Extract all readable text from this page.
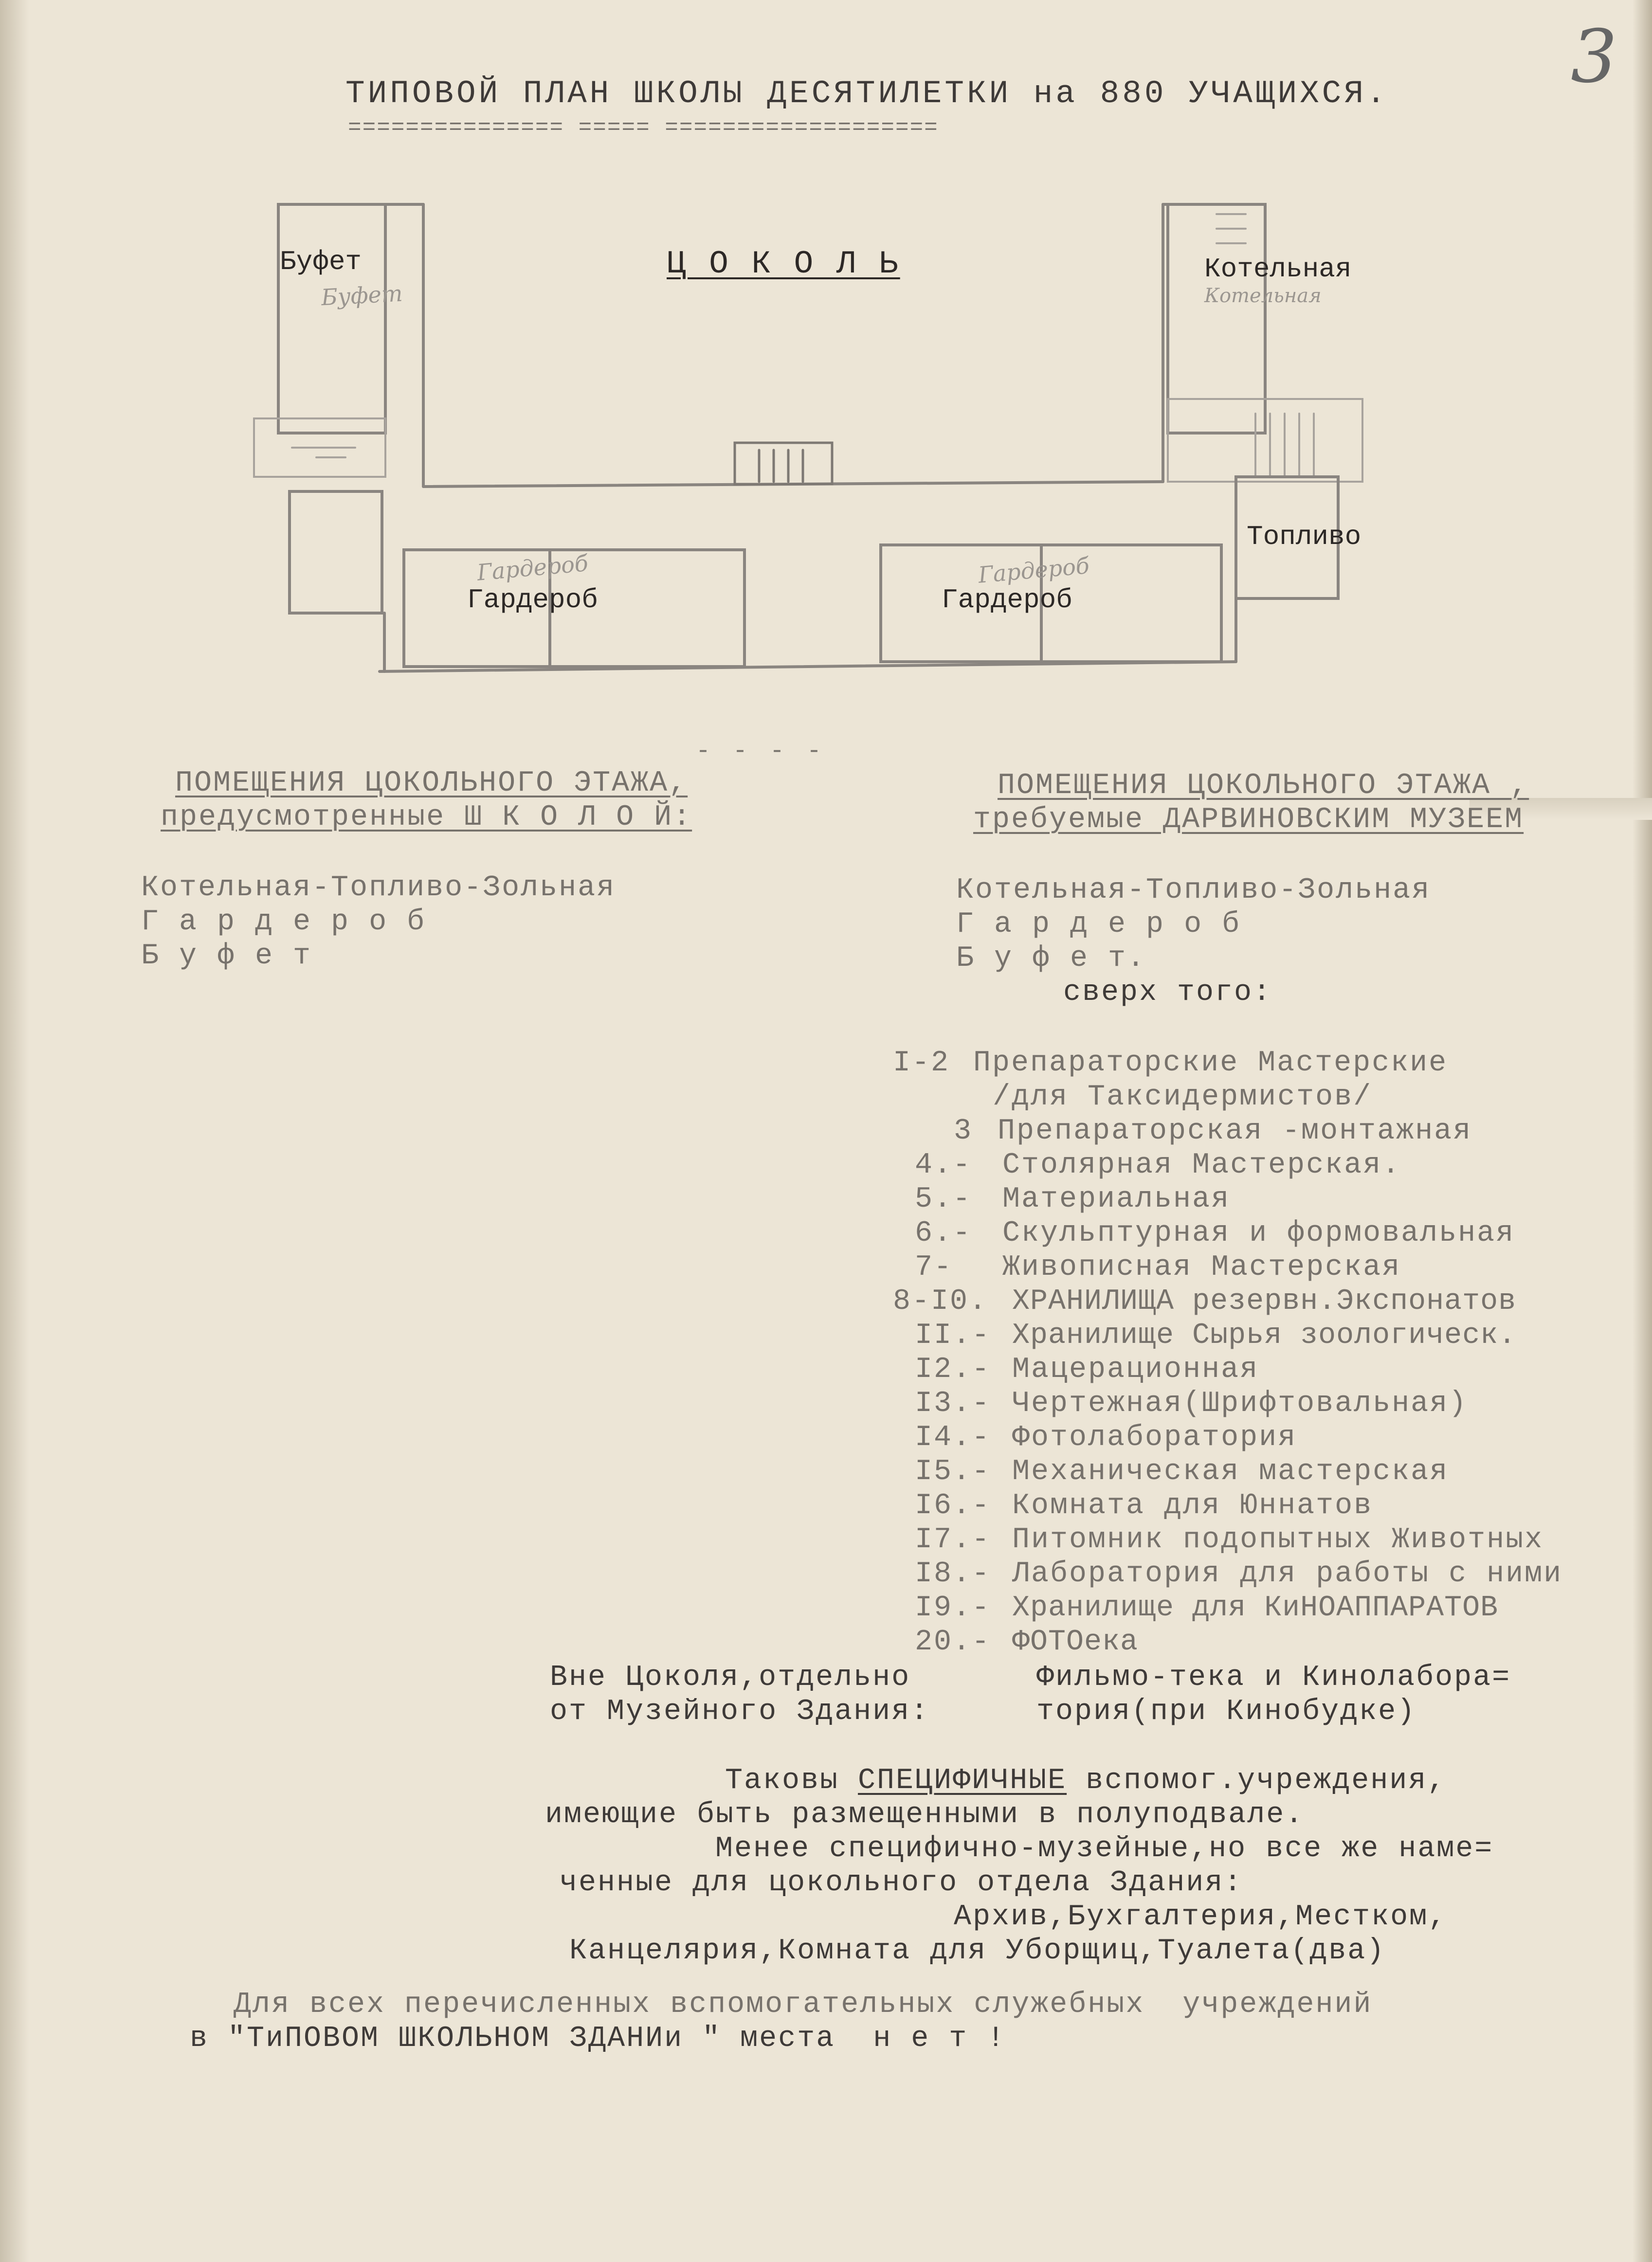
3
ТИПОВОЙ ПЛАН ШКОЛЫ ДЕСЯТИЛЕТКИ на 880 УЧАЩИХСЯ.
=============== ===== ===================
Буфет	Ц О К О Л Ь	Котельная
Топливо
Гардероб	Гардероб
Буфет	Котельная
Гардероб	Гардероб
- - - -
ПОМЕЩЕНИЯ ЦОКОЛЬНОГО ЭТАЖА,
предусмотренные Ш К О Л О Й:
Котельная-Топливо-Зольная
Г а р д е р о б
Б у ф е т
ПОМЕЩЕНИЯ ЦОКОЛЬНОГО ЭТАЖА ,
требуемые ДАРВИНОВСКИМ МУЗЕЕМ
Котельная-Топливо-Зольная
Г а р д е р о б
Б у ф е т.
сверх того:
I-2 Препараторские Мастерские
/для Таксидермистов/
3 Препараторская -монтажная
4.- Столярная Мастерская.
5.- Материальная
6.- Скульптурная и формовальная
7- Живописная Мастерская
8-I0. ХРАНИЛИЩА резервн.Экспонатов
II.- Хранилище Сырья зоологическ.
I2.- Мацерационная
I3.- Чертежная(Шрифтовальная)
I4.- Фотолаборатория
I5.- Механическая мастерская
I6.- Комната для Юннатов
I7.- Питомник подопытных Животных
I8.- Лаборатория для работы с ними
I9.- Хранилище для КиНОАППАРАТОВ
20.- ФОТОека
Вне Цоколя,отдельно
от Музейного Здания:
Фильмо-тека и Кинолабора=
тория(при Кинобудке)
Таковы СПЕЦИФИЧНЫЕ вспомог.учреждения,
имеющие быть размещенными в полуподвале.
Менее специфично-музейные,но все же наме=
ченные для цокольного отдела Здания:
Архив,Бухгалтерия,Местком,
Канцелярия,Комната для Уборщиц,Туалета(два)
Для всех перечисленных вспомогательных служебных  учреждений
в "ТиПОВОМ ШКОЛЬНОМ ЗДАНИи " места  н е т !
